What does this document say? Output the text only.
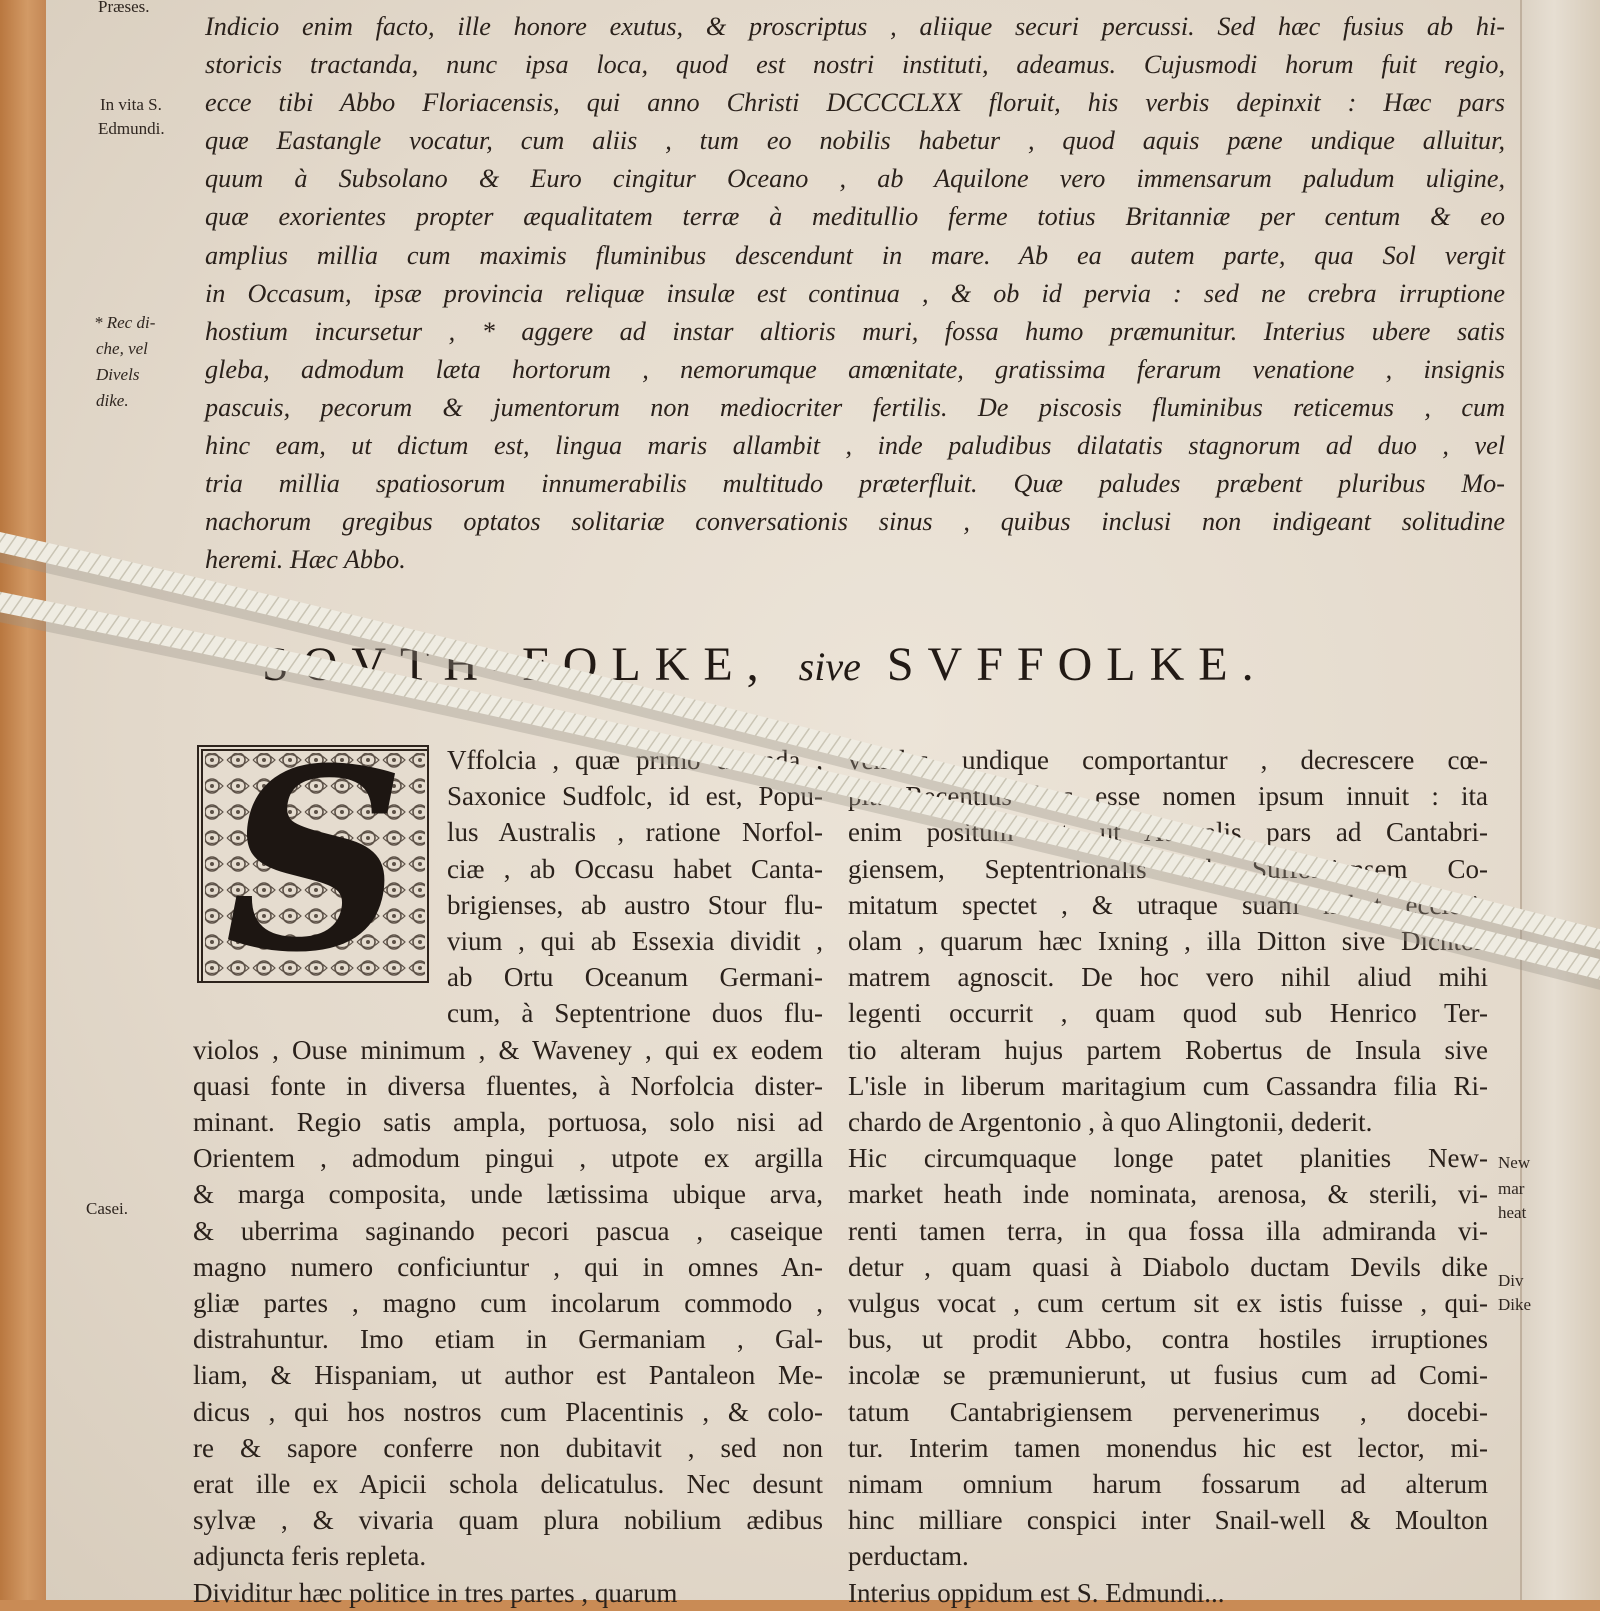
Præses.
In vita S.
Edmundi.
* Rec di-
che, vel
Divels
dike.
Casei.
New
mar
heat
Div
Dike
Indicio enim facto, ille honore exutus, & proscriptus , aliique securi percussi. Sed hæc fusius ab hi-
storicis tractanda, nunc ipsa loca, quod est nostri instituti, adeamus. Cujusmodi horum fuit regio,
ecce tibi Abbo Floriacensis, qui anno Christi DCCCCLXX floruit, his verbis depinxit : Hæc pars
quæ Eastangle vocatur, cum aliis , tum eo nobilis habetur , quod aquis pæne undique alluitur,
quum à Subsolano & Euro cingitur Oceano , ab Aquilone vero immensarum paludum uligine,
quæ exorientes propter æqualitatem terræ à meditullio ferme totius Britanniæ per centum & eo
amplius millia cum maximis fluminibus descendunt in mare. Ab ea autem parte, qua Sol vergit
in Occasum, ipsæ provincia reliquæ insulæ est continua , & ob id pervia : sed ne crebra irruptione
hostium incursetur , * aggere ad instar altioris muri, fossa humo præmunitur. Interius ubere satis
gleba, admodum læta hortorum , nemorumque amœnitate, gratissima ferarum venatione , insignis
pascuis, pecorum & jumentorum non mediocriter fertilis. De piscosis fluminibus reticemus , cum
hinc eam, ut dictum est, lingua maris allambit , inde paludibus dilatatis stagnorum ad duo , vel
tria millia spatiosorum innumerabilis multitudo præterfluit. Quæ paludes præbent pluribus Mo-
nachorum gregibus optatos solitariæ conversationis sinus , quibus inclusi non indigeant solitudine
heremi. Hæc Abbo.
SOVTH-FOLKE, sive SVFFOLKE.
S	Vffolcia , quæ primo dicenda ,
Saxonice Sudfolc, id est, Popu-
lus Australis , ratione Norfol-
ciæ , ab Occasu habet Canta-
brigienses, ab austro Stour flu-
vium , qui ab Essexia dividit ,
ab Ortu Oceanum Germani-
cum, à Septentrione duos flu-
violos , Ouse minimum , & Waveney , qui ex eodem
quasi fonte in diversa fluentes, à Norfolcia dister-
minant. Regio satis ampla, portuosa, solo nisi ad
Orientem , admodum pingui , utpote ex argilla
& marga composita, unde lætissima ubique arva,
& uberrima saginando pecori pascua , caseique
magno numero conficiuntur , qui in omnes An-
gliæ partes , magno cum incolarum commodo ,
distrahuntur. Imo etiam in Germaniam , Gal-
liam, & Hispaniam, ut author est Pantaleon Me-
dicus , qui hos nostros cum Placentinis , & colo-
re & sapore conferre non dubitavit , sed non
erat ille ex Apicii schola delicatulus. Nec desunt
sylvæ , & vivaria quam plura nobilium ædibus
adjuncta feris repleta.
Dividitur hæc politice in tres partes , quarum
venales undique comportantur , decrescere cœ-
pit. Recentius hoc esse nomen ipsum innuit : ita
enim positum est, ut Australis pars ad Cantabri-
giensem, Septentrionalis ad Suffolciensem Co-
mitatum spectet , & utraque suam habet ecclesi-
olam , quarum hæc Ixning , illa Ditton sive Dichton
matrem agnoscit. De hoc vero nihil aliud mihi
legenti occurrit , quam quod sub Henrico Ter-
tio alteram hujus partem Robertus de Insula sive
L'isle in liberum maritagium cum Cassandra filia Ri-
chardo de Argentonio , à quo Alingtonii, dederit.
Hic circumquaque longe patet planities New-
market heath inde nominata, arenosa, & sterili, vi-
renti tamen terra, in qua fossa illa admiranda vi-
detur , quam quasi à Diabolo ductam Devils dike
vulgus vocat , cum certum sit ex istis fuisse , qui-
bus, ut prodit Abbo, contra hostiles irruptiones
incolæ se præmunierunt, ut fusius cum ad Comi-
tatum Cantabrigiensem pervenerimus , docebi-
tur. Interim tamen monendus hic est lector, mi-
nimam omnium harum fossarum ad alterum
hinc milliare conspici inter Snail-well & Moulton
perductam.
Interius oppidum est S. Edmundi...
